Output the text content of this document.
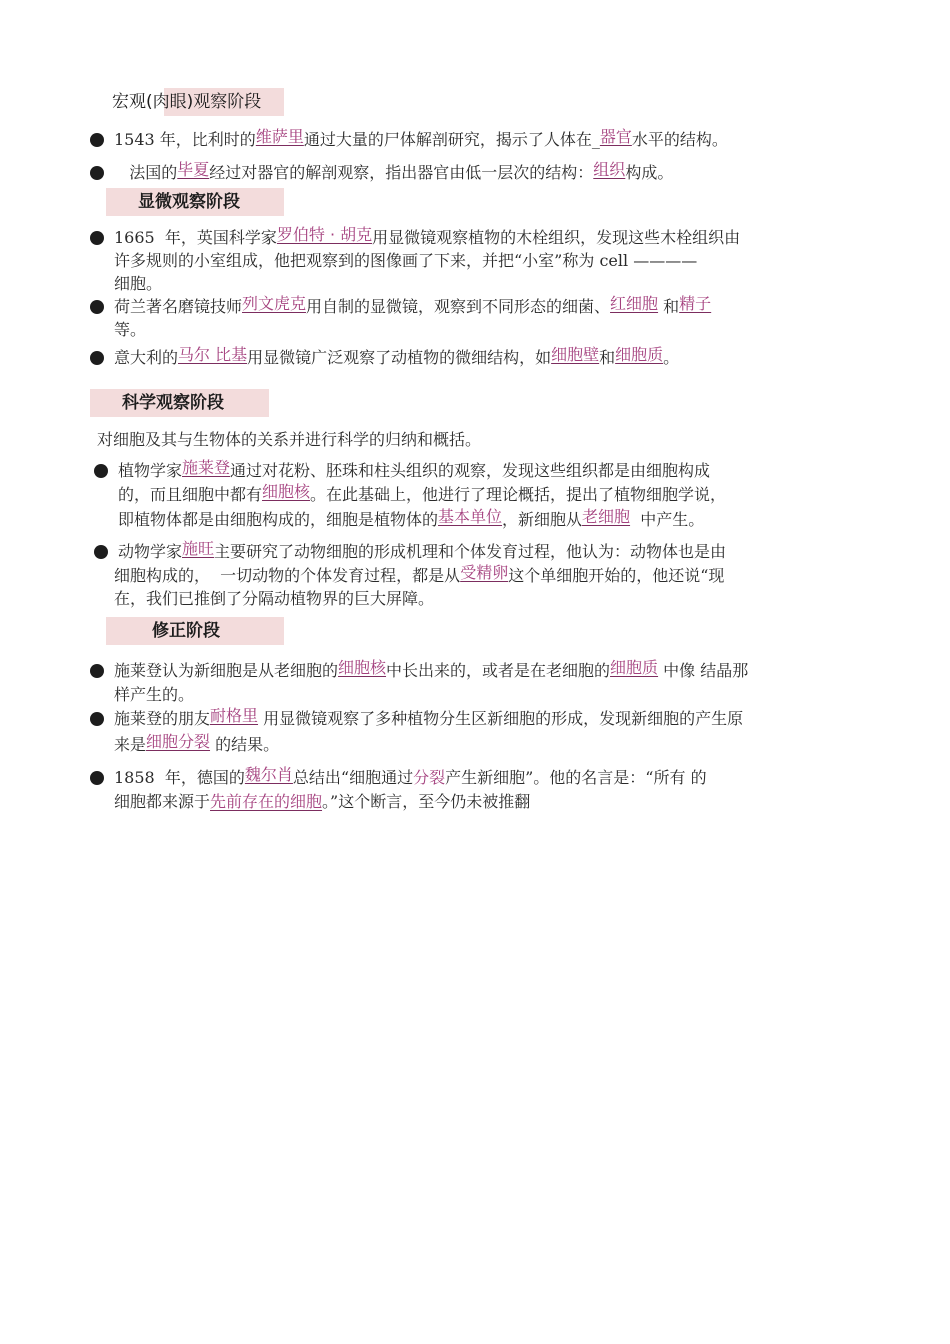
宏观(肉眼)观察阶段
1543 年，比利时的维萨里通过大量的尸体解剖研究，揭示了人体在_器官水平的结构。
法国的毕夏经过对器官的解剖观察，指出器官由低一层次的结构：组织构成。
显微观察阶段
1665  年，英国科学家罗伯特 · 胡克用显微镜观察植物的木栓组织，发现这些木栓组织由
许多规则的小室组成，他把观察到的图像画了下来，并把“小室”称为 cell ————
细胞。
荷兰著名磨镜技师列文虎克用自制的显微镜，观察到不同形态的细菌、红细胞 和精子
等。
意大利的马尔 比基用显微镜广泛观察了动植物的微细结构，如细胞壁和细胞质。
科学观察阶段
对细胞及其与生物体的关系并进行科学的归纳和概括。
植物学家施莱登通过对花粉、胚珠和柱头组织的观察，发现这些组织都是由细胞构成
的，而且细胞中都有细胞核。在此基础上，他进行了理论概括，提出了植物细胞学说，
即植物体都是由细胞构成的，细胞是植物体的基本单位，新细胞从老细胞  中产生。
动物学家施旺主要研究了动物细胞的形成机理和个体发育过程，他认为：动物体也是由
细胞构成的，  一切动物的个体发育过程，都是从受精卵这个单细胞开始的，他还说“现
在，我们已推倒了分隔动植物界的巨大屏障。
修正阶段
施莱登认为新细胞是从老细胞的细胞核中长出来的，或者是在老细胞的细胞质 中像 结晶那
样产生的。
施莱登的朋友耐格里 用显微镜观察了多种植物分生区新细胞的形成，发现新细胞的产生原
来是细胞分裂 的结果。
1858  年，德国的魏尔肖总结出“细胞通过分裂产生新细胞”。他的名言是：“所有 的
细胞都来源于先前存在的细胞。”这个断言，至今仍未被推翻
